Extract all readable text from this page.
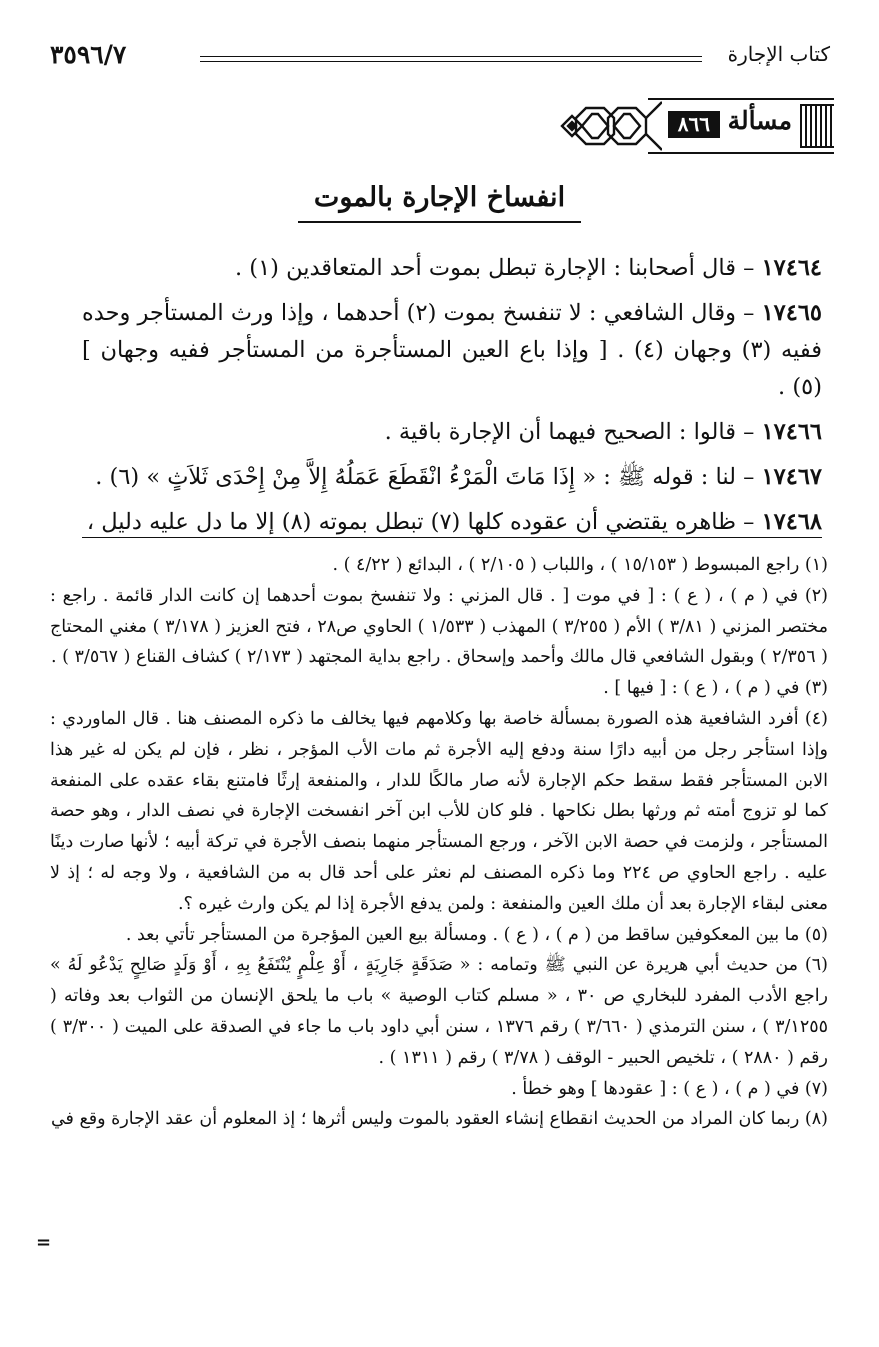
٣٥٩٦/٧	كتاب الإجارة
مسألة
٨٦٦
انفساخ الإجارة بالموت

١٧٤٦٤ – قال أصحابنا : الإجارة تبطل بموت أحد المتعاقدين (١) .

١٧٤٦٥ – وقال الشافعي : لا تنفسخ بموت (٢) أحدهما ، وإذا ورث المستأجر وحده ففيه (٣) وجهان (٤) . [ وإذا باع العين المستأجرة من المستأجر ففيه وجهان ] (٥) .

١٧٤٦٦ – قالوا : الصحيح فيهما أن الإجارة باقية .

١٧٤٦٧ – لنا : قوله ﷺ : « إِذَا مَاتَ الْمَرْءُ انْقَطَعَ عَمَلُهُ إِلاَّ مِنْ إِحْدَى ثَلاَثٍ » (٦) .

١٧٤٦٨ – ظاهره يقتضي أن عقوده كلها (٧) تبطل بموته (٨) إلا ما دل عليه دليل ،

(١) راجع المبسوط ( ١٥/١٥٣ ) ، واللباب ( ٢/١٠٥ ) ، البدائع ( ٤/٢٢ ) .

(٢) في ( م ) ، ( ع ) : [ في موت [ . قال المزني : ولا تنفسخ بموت أحدهما إن كانت الدار قائمة . راجع : مختصر المزني ( ٣/٨١ ) الأم ( ٣/٢٥٥ ) المهذب ( ١/٥٣٣ ) الحاوي ص٢٨ ، فتح العزيز ( ٣/١٧٨ ) مغني المحتاج ( ٢/٣٥٦ ) وبقول الشافعي قال مالك وأحمد وإسحاق . راجع بداية المجتهد ( ٢/١٧٣ ) كشاف القناع ( ٣/٥٦٧ ) .

(٣) في ( م ) ، ( ع ) : [ فيها ] .

(٤) أفرد الشافعية هذه الصورة بمسألة خاصة بها وكلامهم فيها يخالف ما ذكره المصنف هنا . قال الماوردي : وإذا استأجر رجل من أبيه دارًا سنة ودفع إليه الأجرة ثم مات الأب المؤجر ، نظر ، فإن لم يكن له غير هذا الابن المستأجر فقط سقط حكم الإجارة لأنه صار مالكًا للدار ، والمنفعة إرثًا فامتنع بقاء عقده على المنفعة كما لو تزوج أمته ثم ورثها بطل نكاحها . فلو كان للأب ابن آخر انفسخت الإجارة في نصف الدار ، وهو حصة المستأجر ، ولزمت في حصة الابن الآخر ، ورجع المستأجر منهما بنصف الأجرة في تركة أبيه ؛ لأنها صارت دينًا عليه . راجع الحاوي ص ٢٢٤ وما ذكره المصنف لم نعثر على أحد قال به من الشافعية ، ولا وجه له ؛ إذ لا معنى لبقاء الإجارة بعد أن ملك العين والمنفعة : ولمن يدفع الأجرة إذا لم يكن وارث غيره ؟.

(٥) ما بين المعكوفين ساقط من ( م ) ، ( ع ) . ومسألة بيع العين المؤجرة من المستأجر تأتي بعد .

(٦) من حديث أبي هريرة عن النبي ﷺ وتمامه : « صَدَقَةٍ جَارِيَةٍ ، أَوْ عِلْمٍ يُنْتَفَعُ بِهِ ، أَوْ وَلَدٍ صَالِحٍ يَدْعُو لَهُ » راجع الأدب المفرد للبخاري ص ٣٠ ، « مسلم كتاب الوصية » باب ما يلحق الإنسان من الثواب بعد وفاته ( ٣/١٢٥٥ ) ، سنن الترمذي ( ٣/٦٦٠ ) رقم ١٣٧٦ ، سنن أبي داود باب ما جاء في الصدقة على الميت ( ٣/٣٠٠ ) رقم ( ٢٨٨٠ ) ، تلخيص الحبير - الوقف ( ٣/٧٨ ) رقم ( ١٣١١ ) .

(٧) في ( م ) ، ( ع ) : [ عقودها ] وهو خطأ .

(٨) ربما كان المراد من الحديث انقطاع إنشاء العقود بالموت وليس أثرها ؛ إذ المعلوم أن عقد الإجارة وقع في

=
